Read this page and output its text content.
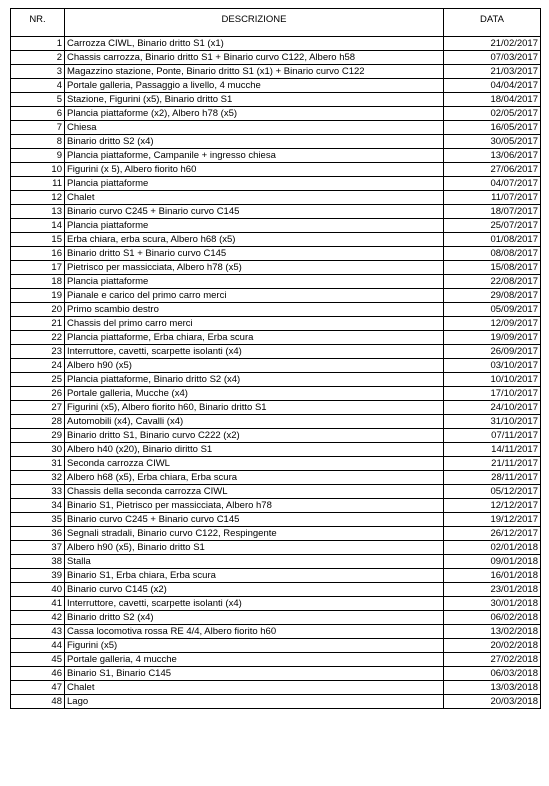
NR.	DESCRIZIONE	DATA
1	Carrozza CIWL, Binario dritto S1 (x1)	21/02/2017
2	Chassis carrozza, Binario dritto S1 + Binario curvo C122, Albero h58	07/03/2017
3	Magazzino stazione, Ponte, Binario dritto S1 (x1) + Binario curvo C122	21/03/2017
4	Portale galleria, Passaggio a livello, 4 mucche	04/04/2017
5	Stazione, Figurini (x5), Binario dritto S1	18/04/2017
6	Plancia piattaforme (x2), Albero h78 (x5)	02/05/2017
7	Chiesa	16/05/2017
8	Binario dritto S2 (x4)	30/05/2017
9	Plancia piattaforme, Campanile + ingresso chiesa	13/06/2017
10	Figurini (x 5), Albero fiorito h60	27/06/2017
11	Plancia piattaforme	04/07/2017
12	Chalet	11/07/2017
13	Binario curvo C245 + Binario curvo C145	18/07/2017
14	Plancia piattaforme	25/07/2017
15	Erba chiara, erba scura, Albero h68 (x5)	01/08/2017
16	Binario dritto S1 + Binario curvo C145	08/08/2017
17	Pietrisco per massicciata, Albero h78 (x5)	15/08/2017
18	Plancia piattaforme	22/08/2017
19	Pianale e carico del primo carro merci	29/08/2017
20	Primo scambio destro	05/09/2017
21	Chassis del primo carro merci	12/09/2017
22	Plancia piattaforme, Erba chiara, Erba scura	19/09/2017
23	Interruttore, cavetti, scarpette isolanti (x4)	26/09/2017
24	Albero h90 (x5)	03/10/2017
25	Plancia piattaforme, Binario dritto S2 (x4)	10/10/2017
26	Portale galleria, Mucche (x4)	17/10/2017
27	Figurini (x5), Albero fiorito h60, Binario dritto S1	24/10/2017
28	Automobili (x4), Cavalli (x4)	31/10/2017
29	Binario dritto S1, Binario curvo C222 (x2)	07/11/2017
30	Albero h40 (x20), Binario diritto S1	14/11/2017
31	Seconda carrozza CIWL	21/11/2017
32	Albero h68 (x5), Erba chiara, Erba scura	28/11/2017
33	Chassis della seconda carrozza CIWL	05/12/2017
34	Binario S1, Pietrisco per massicciata, Albero h78	12/12/2017
35	Binario curvo C245 + Binario curvo C145	19/12/2017
36	Segnali stradali, Binario curvo C122, Respingente	26/12/2017
37	Albero h90 (x5), Binario dritto S1	02/01/2018
38	Stalla	09/01/2018
39	Binario S1, Erba chiara, Erba scura	16/01/2018
40	Binario curvo C145 (x2)	23/01/2018
41	Interruttore, cavetti, scarpette isolanti (x4)	30/01/2018
42	Binario dritto S2 (x4)	06/02/2018
43	Cassa locomotiva rossa RE 4/4, Albero fiorito h60	13/02/2018
44	Figurini (x5)	20/02/2018
45	Portale galleria, 4 mucche	27/02/2018
46	Binario S1, Binario C145	06/03/2018
47	Chalet	13/03/2018
48	Lago	20/03/2018
